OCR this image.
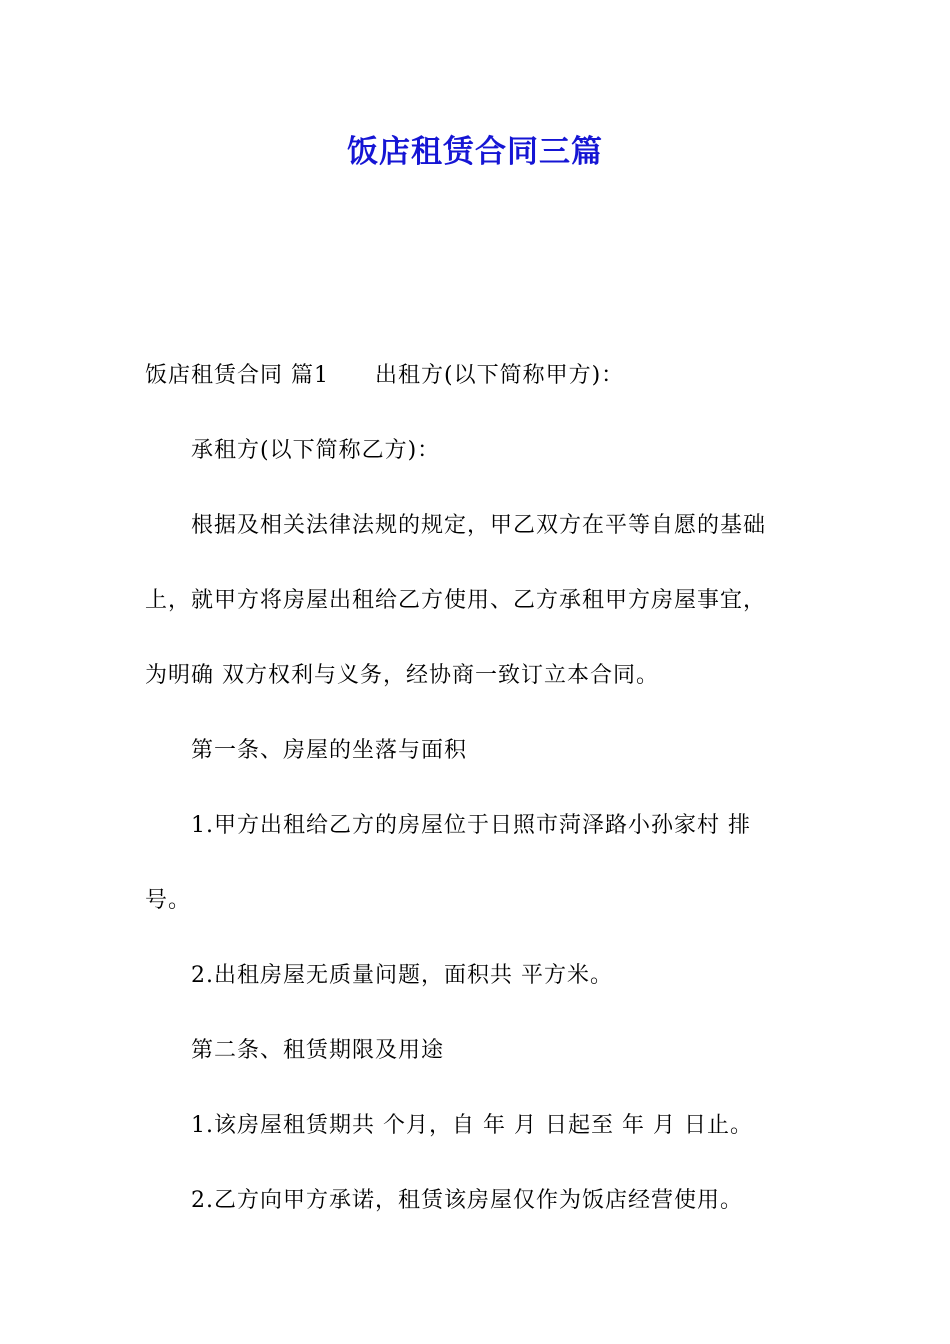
饭店租赁合同三篇

饭店租赁合同 篇1 出租方(以下简称甲方)：

承租方(以下简称乙方)：

根据及相关法律法规的规定，甲乙双方在平等自愿的基础

上，就甲方将房屋出租给乙方使用、乙方承租甲方房屋事宜，

为明确 双方权利与义务，经协商一致订立本合同。

第一条、房屋的坐落与面积

1.甲方出租给乙方的房屋位于日照市菏泽路小孙家村 排

号。

2.出租房屋无质量问题，面积共 平方米。

第二条、租赁期限及用途

1.该房屋租赁期共 个月，自 年 月 日起至 年 月 日止。

2.乙方向甲方承诺，租赁该房屋仅作为饭店经营使用。
